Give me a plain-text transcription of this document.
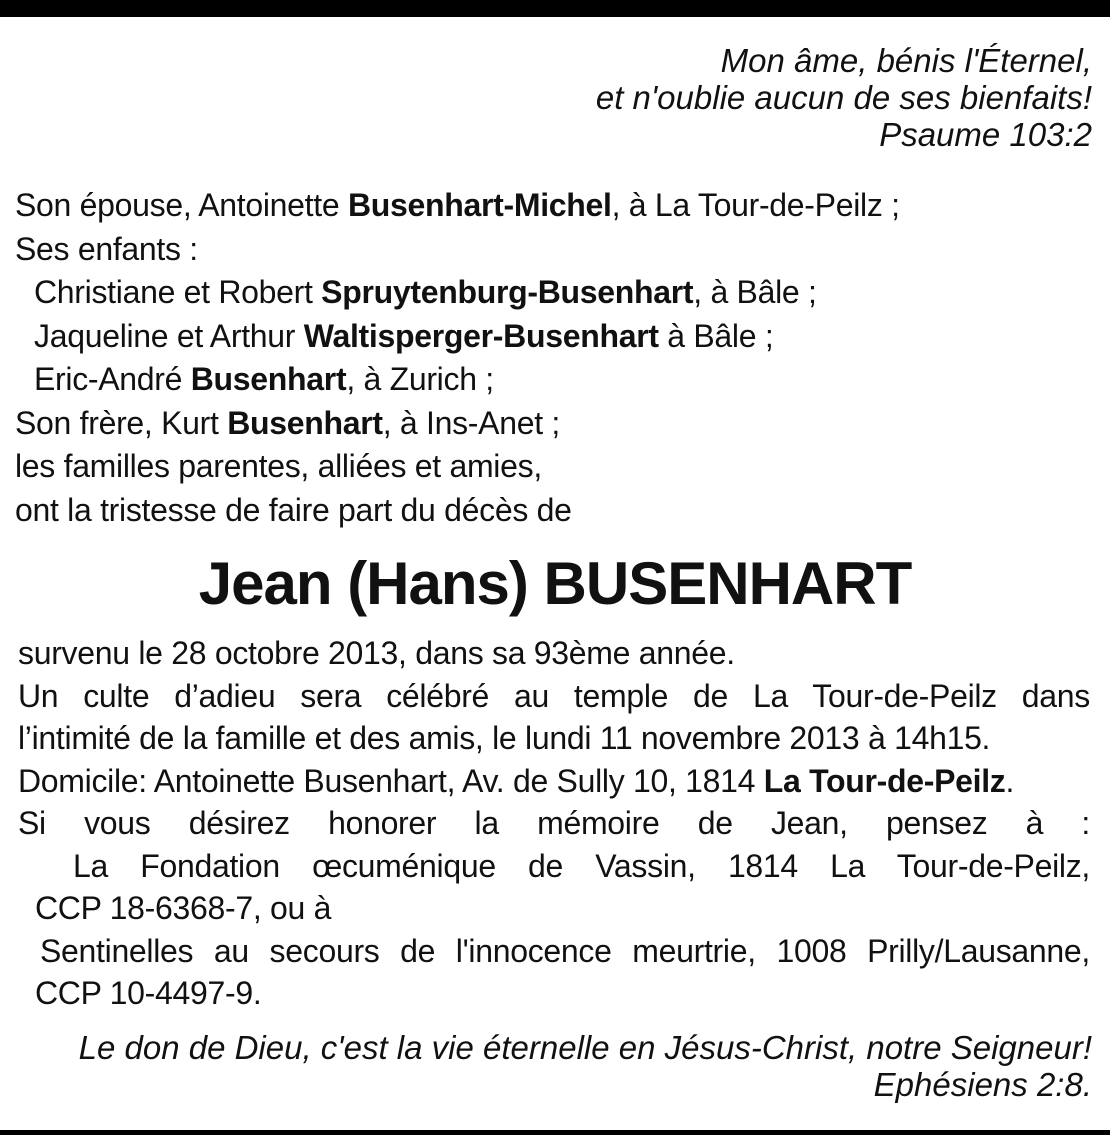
Mon âme, bénis l'Éternel,
et n'oublie aucun de ses bienfaits!
Psaume 103:2
Son épouse, Antoinette Busenhart-Michel, à La Tour-de-Peilz ;
Ses enfants :
Christiane et Robert Spruytenburg-Busenhart, à Bâle ;
Jaqueline et Arthur Waltisperger-Busenhart à Bâle ;
Eric-André Busenhart, à Zurich ;
Son frère, Kurt Busenhart, à Ins-Anet ;
les familles parentes, alliées et amies,
ont la tristesse de faire part du décès de
Jean (Hans) BUSENHART
survenu le 28 octobre 2013, dans sa 93ème année.
Un culte d’adieu sera célébré au temple de La Tour-de-Peilz dans
l’intimité de la famille et des amis, le lundi 11 novembre 2013 à 14h15.
Domicile: Antoinette Busenhart, Av. de Sully 10, 1814 La Tour-de-Peilz.
Si vous désirez honorer la mémoire de Jean, pensez à :
La Fondation œcuménique de Vassin, 1814 La Tour-de-Peilz,
CCP 18-6368-7, ou à
Sentinelles au secours de l'innocence meurtrie, 1008 Prilly/Lausanne,
CCP 10-4497-9.
Le don de Dieu, c'est la vie éternelle en Jésus-Christ, notre Seigneur!
Ephésiens 2:8.
